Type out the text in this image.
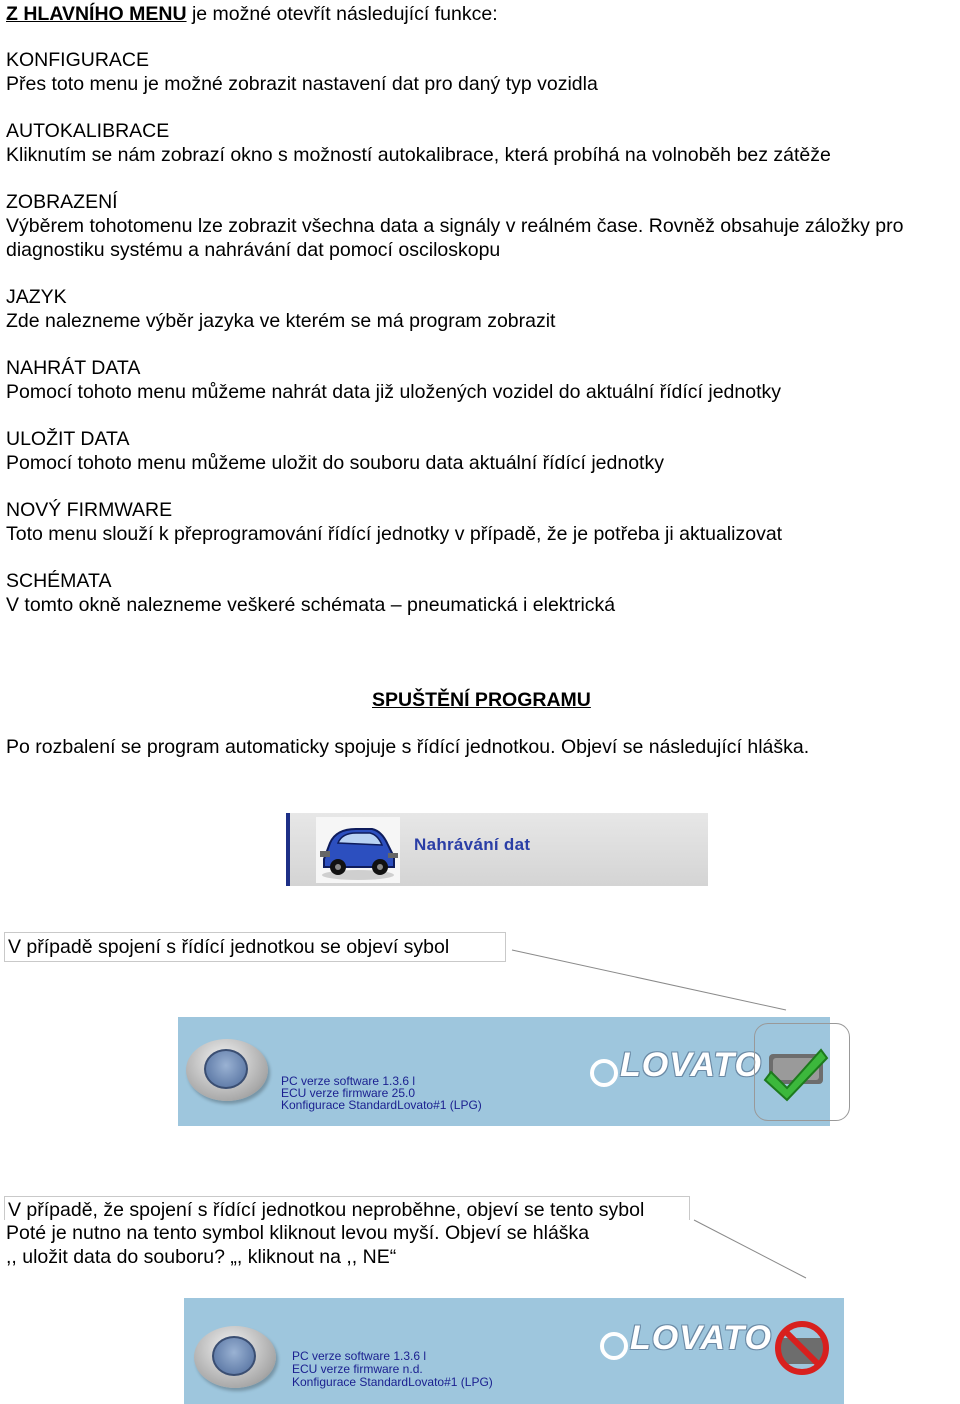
Z HLAVNÍHO MENU je možné otevřít následující funkce:
KONFIGURACE
Přes toto menu je možné zobrazit nastavení dat pro daný typ vozidla
AUTOKALIBRACE
Kliknutím se nám zobrazí okno s možností autokalibrace, která probíhá na volnoběh bez zátěže
ZOBRAZENÍ
Výběrem tohotomenu lze zobrazit všechna data a signály v reálném čase. Rovněž obsahuje záložky pro
diagnostiku systému a nahrávání dat pomocí osciloskopu
JAZYK
Zde nalezneme výběr jazyka ve kterém se má program zobrazit
NAHRÁT DATA
Pomocí tohoto menu můžeme nahrát data již uložených vozidel do aktuální řídící jednotky
ULOŽIT DATA
Pomocí tohoto menu můžeme uložit do souboru data aktuální řídící jednotky
NOVÝ FIRMWARE
Toto menu slouží k přeprogramování řídící jednotky v případě, že je potřeba ji aktualizovat
SCHÉMATA
V tomto okně nalezneme veškeré schémata – pneumatická i elektrická
SPUŠTĚNÍ PROGRAMU
Po rozbalení se program automaticky spojuje s řídící jednotkou. Objeví se následující hláška.
Nahrávání dat
V případě spojení s řídící jednotkou se objeví sybol
PC verze software 1.3.6 l
ECU verze firmware 25.0
Konfigurace StandardLovato#1 (LPG)
LOVATO
V případě, že spojení s řídící jednotkou neproběhne, objeví se tento sybol
Poté je nutno na tento symbol kliknout levou myší. Objeví se hláška
,, uložit data do souboru? „, kliknout na ,, NE“
PC verze software 1.3.6 l
ECU verze firmware n.d.
Konfigurace StandardLovato#1 (LPG)
LOVATO
